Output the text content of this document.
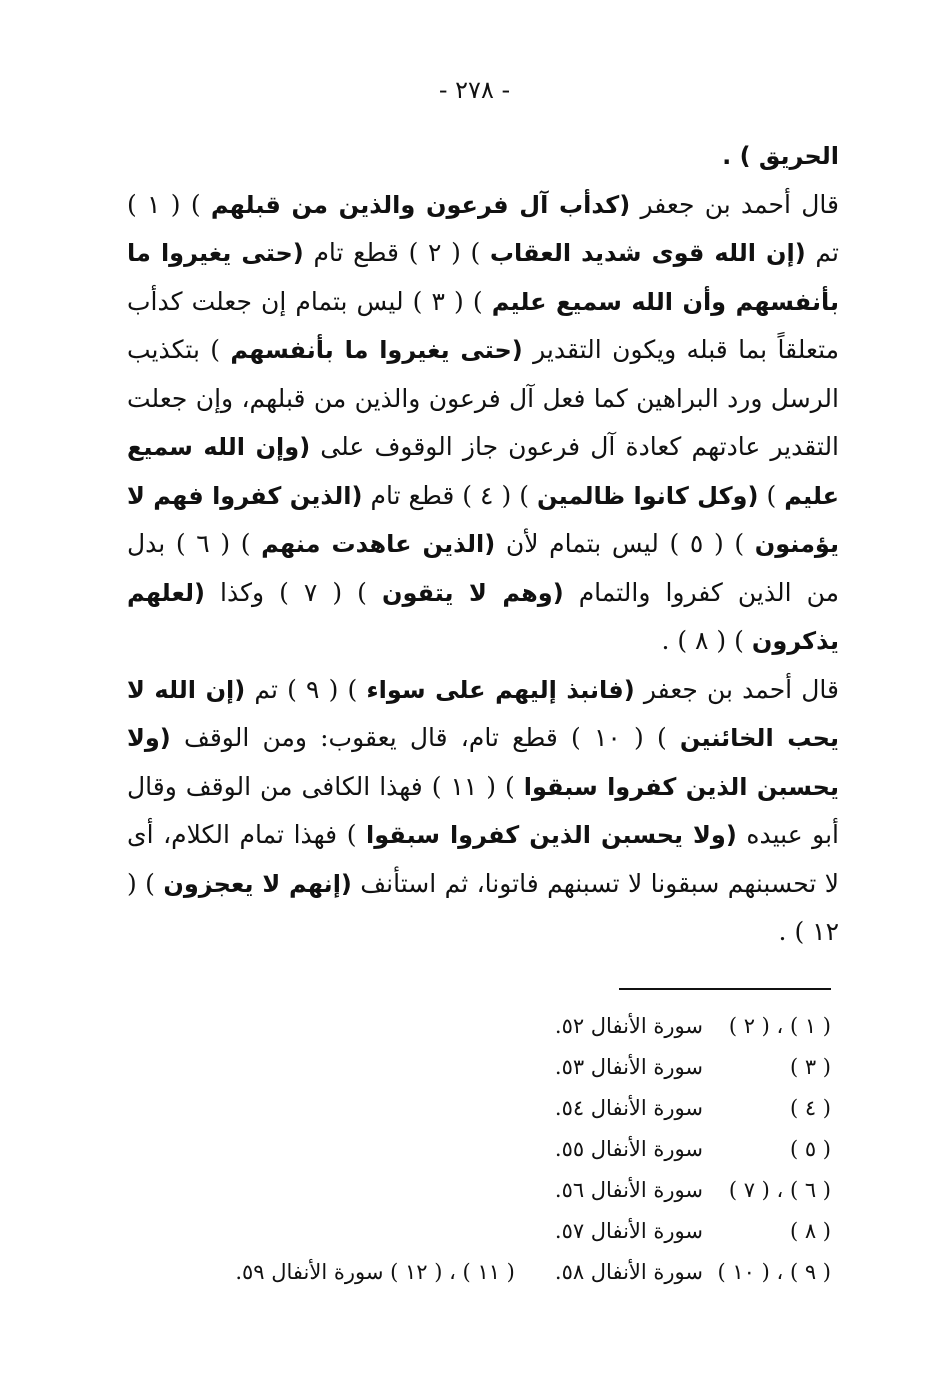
- ٢٧٨ -

الحريق ) .

قال أحمد بن جعفر (كدأب آل فرعون والذين من قبلهم ) ( ١ ) تم (إن الله قوى شديد العقاب ) ( ٢ ) قطع تام (حتى يغيروا ما بأنفسهم وأن الله سميع عليم ) ( ٣ ) ليس بتمام إن جعلت كدأب متعلقاً بما قبله ويكون التقدير (حتى يغيروا ما بأنفسهم ) بتكذيب الرسل ورد البراهين كما فعل آل فرعون والذين من قبلهم، وإن جعلت التقدير عادتهم كعادة آل فرعون جاز الوقوف على (وإن الله سميع عليم ) (وكل كانوا ظالمين ) ( ٤ ) قطع تام (الذين كفروا فهم لا يؤمنون ) ( ٥ ) ليس بتمام لأن (الذين عاهدت منهم ) ( ٦ ) بدل من الذين كفروا والتمام (وهم لا يتقون ) ( ٧ ) وكذا (لعلهم يذكرون ) ( ٨ ) .

قال أحمد بن جعفر (فانبذ إليهم على سواء ) ( ٩ ) تم (إن الله لا يحب الخائنين ) ( ١٠ ) قطع تام، قال يعقوب: ومن الوقف (ولا يحسبن الذين كفروا سبقوا ) ( ١١ ) فهذا الكافى من الوقف وقال أبو عبيده (ولا يحسبن الذين كفروا سبقوا ) فهذا تمام الكلام، أى لا تحسبنهم سبقونا لا تسبنهم فاتونا، ثم استأنف (إنهم لا يعجزون ) ( ١٢ ) .

( ١ ) ، ( ٢ )سورة الأنفال ٥٢.
( ٣ )سورة الأنفال ٥٣.
( ٤ )سورة الأنفال ٥٤.
( ٥ )سورة الأنفال ٥٥.
( ٦ ) ، ( ٧ )سورة الأنفال ٥٦.
( ٨ )سورة الأنفال ٥٧.
( ٩ ) ، ( ١٠ )سورة الأنفال ٥٨.( ١١ ) ، ( ١٢ ) سورة الأنفال ٥٩.
